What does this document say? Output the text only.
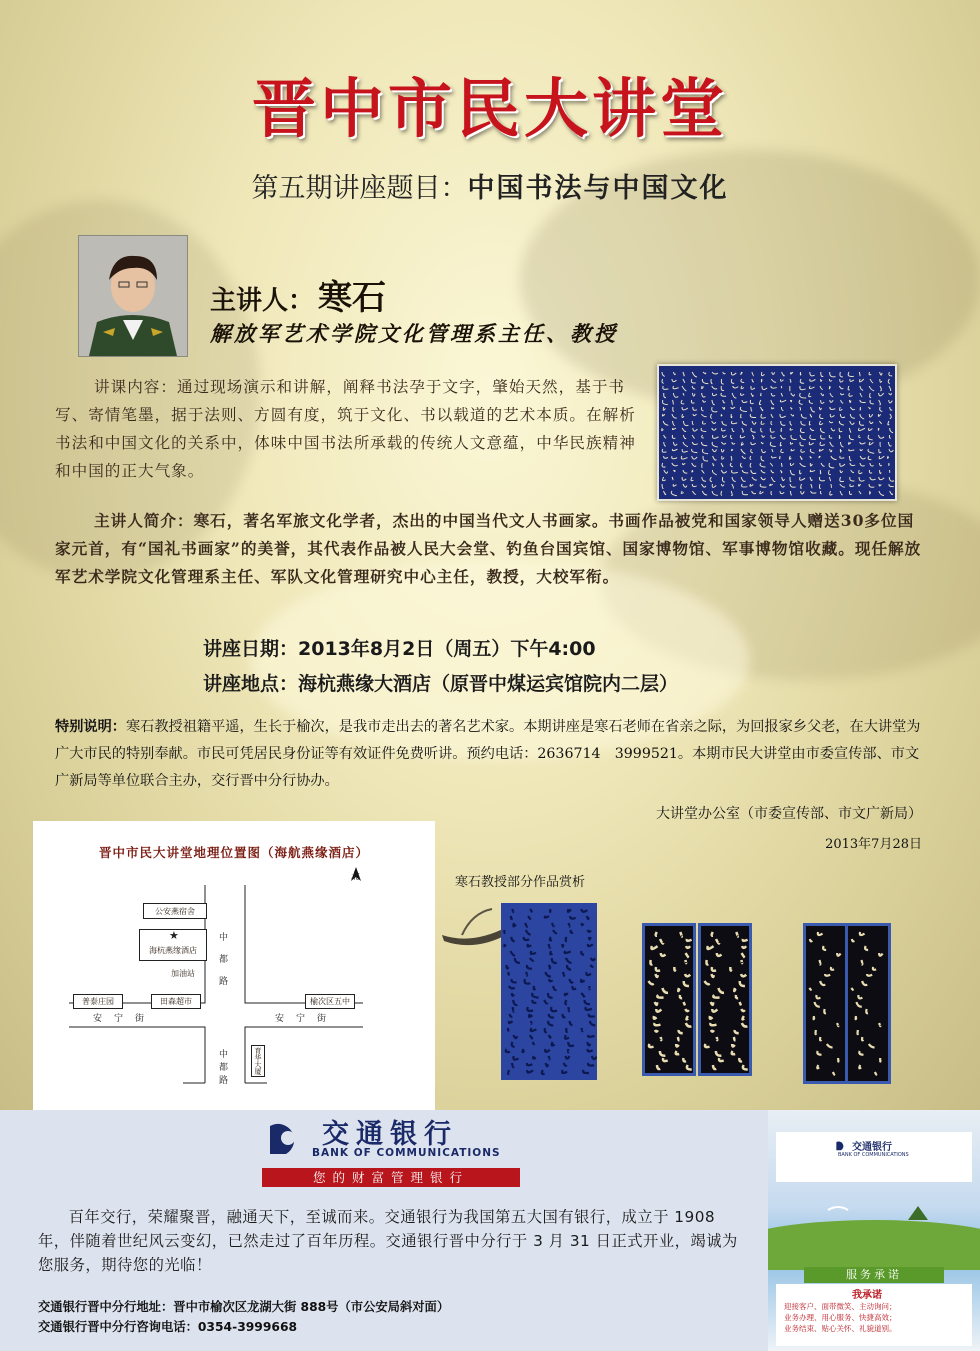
晋中市民大讲堂
第五期讲座题目：中国书法与中国文化
主讲人： 寒石
解放军艺术学院文化管理系主任、教授
讲课内容：通过现场演示和讲解，阐释书法孕于文字，肇始天然，基于书写、寄情笔墨，据于法则、方圆有度，筑于文化、书以载道的艺术本质。在解析书法和中国文化的关系中，体味中国书法所承载的传统人文意蕴，中华民族精神和中国的正大气象。
主讲人简介：寒石，著名军旅文化学者，杰出的中国当代文人书画家。书画作品被党和国家领导人赠送30多位国家元首，有“国礼书画家”的美誉，其代表作品被人民大会堂、钓鱼台国宾馆、国家博物馆、军事博物馆收藏。现任解放军艺术学院文化管理系主任、军队文化管理研究中心主任，教授，大校军衔。
讲座日期：2013年8月2日（周五）下午4:00
讲座地点：海杭燕缘大酒店（原晋中煤运宾馆院内二层）
特别说明：寒石教授祖籍平遥，生长于榆次，是我市走出去的著名艺术家。本期讲座是寒石老师在省亲之际，为回报家乡父老，在大讲堂为广大市民的特别奉献。市民可凭居民身份证等有效证件免费听讲。预约电话：2636714　3999521。本期市民大讲堂由市委宣传部、市文广新局等单位联合主办，交行晋中分行协办。
大讲堂办公室（市委宣传部、市文广新局）
2013年7月28日
晋中市民大讲堂地理位置图（海航燕缘酒店）
北
公安燕宿舍
海杭燕缘酒店
★
加油站
田森超市
普泰庄园	榆次区五中
育华大厦
中都路
中都路
安宁街	安宁街
寒石教授部分作品赏析
交通银行
BANK OF COMMUNICATIONS
您的财富管理银行
百年交行，荣耀聚晋，融通天下，至诚而来。交通银行为我国第五大国有银行，成立于 1908 年，伴随着世纪风云变幻，已然走过了百年历程。交通银行晋中分行于 3 月 31 日正式开业，竭诚为您服务，期待您的光临！
交通银行晋中分行地址：晋中市榆次区龙湖大街 888号（市公安局斜对面）
交通银行晋中分行咨询电话：0354-3999668
交通银行
BANK OF COMMUNICATIONS
服务承诺
我承诺
迎接客户、面带微笑、主动询问；
业务办理、用心服务、快捷高效；
业务结束、贴心关怀、礼貌道别。
